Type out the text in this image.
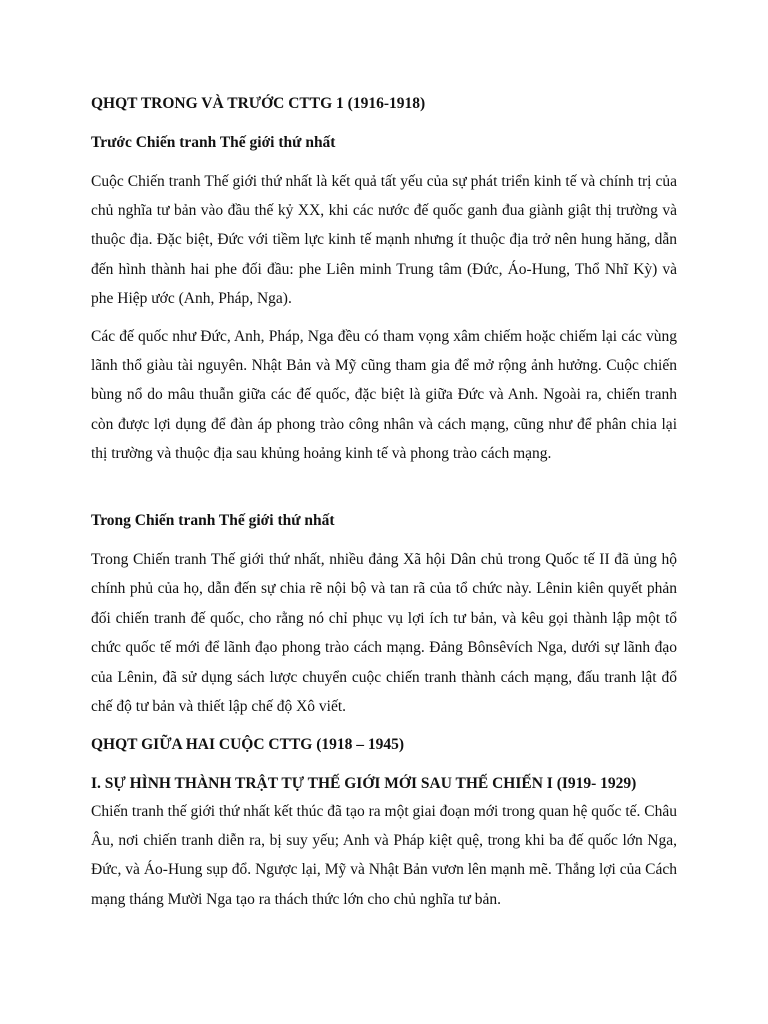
QHQT TRONG VÀ TRƯỚC CTTG 1 (1916-1918)
Trước Chiến tranh Thế giới thứ nhất
Cuộc Chiến tranh Thế giới thứ nhất là kết quả tất yếu của sự phát triển kinh tế và chính trị của chủ nghĩa tư bản vào đầu thế kỷ XX, khi các nước đế quốc ganh đua giành giật thị trường và thuộc địa. Đặc biệt, Đức với tiềm lực kinh tế mạnh nhưng ít thuộc địa trở nên hung hăng, dẫn đến hình thành hai phe đối đầu: phe Liên minh Trung tâm (Đức, Áo-Hung, Thổ Nhĩ Kỳ) và phe Hiệp ước (Anh, Pháp, Nga).
Các đế quốc như Đức, Anh, Pháp, Nga đều có tham vọng xâm chiếm hoặc chiếm lại các vùng lãnh thổ giàu tài nguyên. Nhật Bản và Mỹ cũng tham gia để mở rộng ảnh hưởng. Cuộc chiến bùng nổ do mâu thuẫn giữa các đế quốc, đặc biệt là giữa Đức và Anh. Ngoài ra, chiến tranh còn được lợi dụng để đàn áp phong trào công nhân và cách mạng, cũng như để phân chia lại thị trường và thuộc địa sau khủng hoảng kinh tế và phong trào cách mạng.
Trong Chiến tranh Thế giới thứ nhất
Trong Chiến tranh Thế giới thứ nhất, nhiều đảng Xã hội Dân chủ trong Quốc tế II đã ủng hộ chính phủ của họ, dẫn đến sự chia rẽ nội bộ và tan rã của tổ chức này. Lênin kiên quyết phản đối chiến tranh đế quốc, cho rằng nó chỉ phục vụ lợi ích tư bản, và kêu gọi thành lập một tổ chức quốc tế mới để lãnh đạo phong trào cách mạng. Đảng Bônsêvích Nga, dưới sự lãnh đạo của Lênin, đã sử dụng sách lược chuyển cuộc chiến tranh thành cách mạng, đấu tranh lật đổ chế độ tư bản và thiết lập chế độ Xô viết.
QHQT GIỮA HAI CUỘC CTTG (1918 – 1945)
I. SỰ HÌNH THÀNH TRẬT TỰ THẾ GIỚI MỚI SAU THẾ CHIẾN I (I919- 1929)
Chiến tranh thế giới thứ nhất kết thúc đã tạo ra một giai đoạn mới trong quan hệ quốc tế. Châu Âu, nơi chiến tranh diễn ra, bị suy yếu; Anh và Pháp kiệt quệ, trong khi ba đế quốc lớn Nga, Đức, và Áo-Hung sụp đổ. Ngược lại, Mỹ và Nhật Bản vươn lên mạnh mẽ. Thắng lợi của Cách mạng tháng Mười Nga tạo ra thách thức lớn cho chủ nghĩa tư bản.
